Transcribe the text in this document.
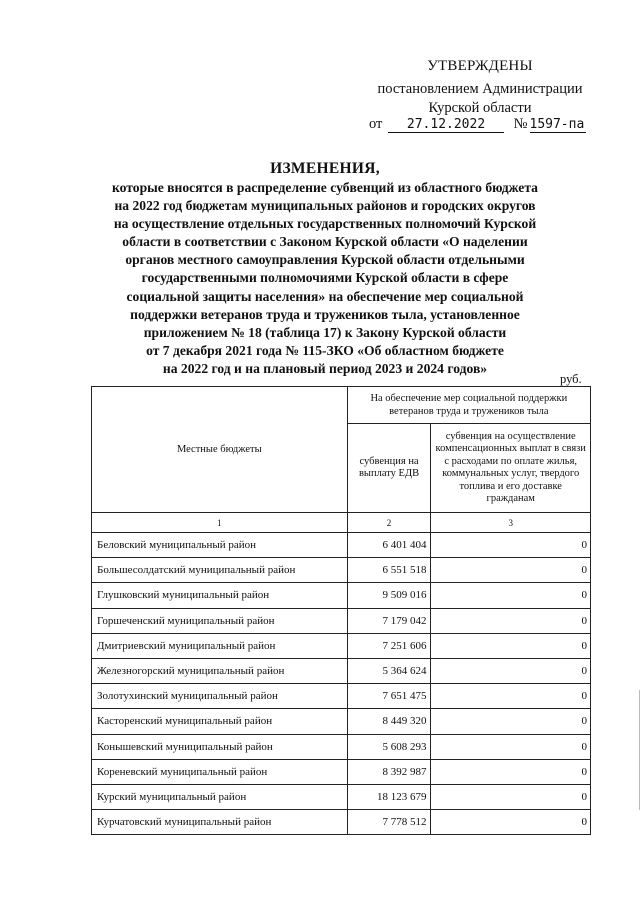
УТВЕРЖДЕНЫ
постановлением Администрации
Курской области
от 27.12.2022 № 1597-па
ИЗМЕНЕНИЯ,
которые вносятся в распределение субвенций из областного бюджета
на 2022 год бюджетам муниципальных районов и городских округов
на осуществление отдельных государственных полномочий Курской
области в соответствии с Законом Курской области «О наделении
органов местного самоуправления Курской области отдельными
государственными полномочиями Курской области в сфере
социальной защиты населения» на обеспечение мер социальной
поддержки ветеранов труда и тружеников тыла, установленное
приложением № 18 (таблица 17) к Закону Курской области
от 7 декабря 2021 года № 115-ЗКО «Об областном бюджете
на 2022 год и на плановый период 2023 и 2024 годов»
руб.
Местные бюджеты	На обеспечение мер социальной поддержки ветеранов труда и тружеников тыла	
	субвенция на выплату ЕДВ	субвенция на осуществление компенсационных выплат в связи с расходами по оплате жилья, коммунальных услуг, твердого топлива и его доставке гражданам
1	2	3
Беловский муниципальный район	6 401 404	0
Большесолдатский муниципальный район	6 551 518	0
Глушковский муниципальный район	9 509 016	0
Горшеченский муниципальный район	7 179 042	0
Дмитриевский муниципальный район	7 251 606	0
Железногорский муниципальный район	5 364 624	0
Золотухинский муниципальный район	7 651 475	0
Касторенский муниципальный район	8 449 320	0
Конышевский муниципальный район	5 608 293	0
Кореневский муниципальный район	8 392 987	0
Курский муниципальный район	18 123 679	0
Курчатовский муниципальный район	7 778 512	0
